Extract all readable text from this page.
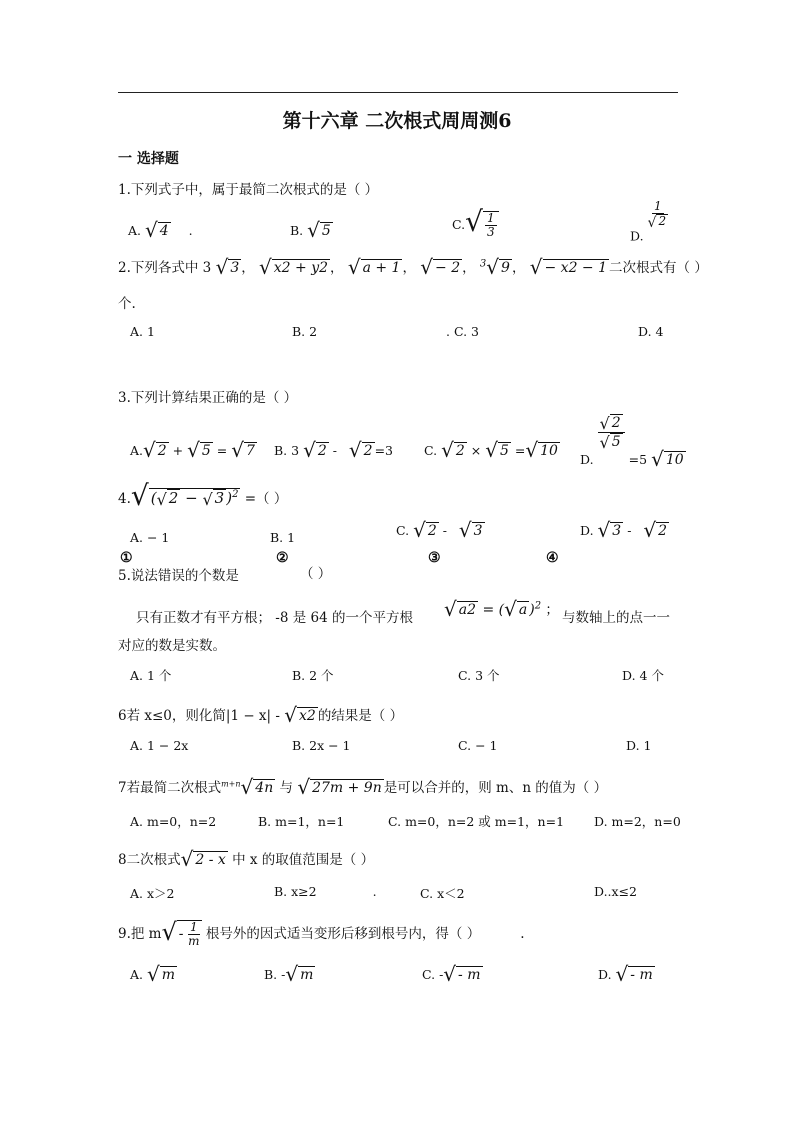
第十六章 二次根式周周测6
一 选择题
1.下列式子中，属于最简二次根式的是（ ）
A. √ 4 .	B. √ 5	$C.√ \frac{1}{3}$	D.
$\frac{1}{√ 2}$
2.下列各式中 3 √ 3 ， √ x2 + y2 ， √ a + 1 ， √ − 2 ， $^3$√ 9 ， √ − x2 − 1 二次根式有（ ）
个.
A. 1	B. 2	. C. 3	D. 4
3.下列计算结果正确的是（ ）
A.√ 2 + √ 5 = √ 7 B. 3 √ 2 - √ 2 =3 C. √ 2 × √ 5 =√ 10
D.
$\frac{√ 2}{√ 5}$
=5 √ 10
4.√ (√ 2 − √ 3 )$^2$ =（ ）
A. − 1	B. 1	C. √ 2 - √ 3	D. √ 3 - √ 2
①	②	③	④
5.说法错误的个数是	（ ）
只有正数才有平方根； -8 是 64 的一个平方根 √ a2 = (√ a )$^2$ ； 与数轴上的点一一
对应的数是实数。
A. 1 个	B. 2 个	C. 3 个	D. 4 个
6若 x≤0，则化简|1 − x| - √ x2 的结果是（ ）
A. 1 − 2x	B. 2x − 1	C. − 1	D. 1
7若最简二次根式$^{m+n}$√ 4n 与 √ 27m + 9n 是可以合并的，则 m、n 的值为（ ）
A. m=0，n=2	B. m=1，n=1	C. m=0，n=2 或 m=1，n=1 D. m=2，n=0
8二次根式√ 2 - x 中 x 的取值范围是（ ）
A. x＞2	B. x≥2	.	C. x＜2	D..x≤2
9.把 $m√ - \frac{1}{m}$ 根号外的因式适当变形后移到根号内，得（ ）	.
A. √ m	B. -√ m	C. -√ - m	D. √ - m
